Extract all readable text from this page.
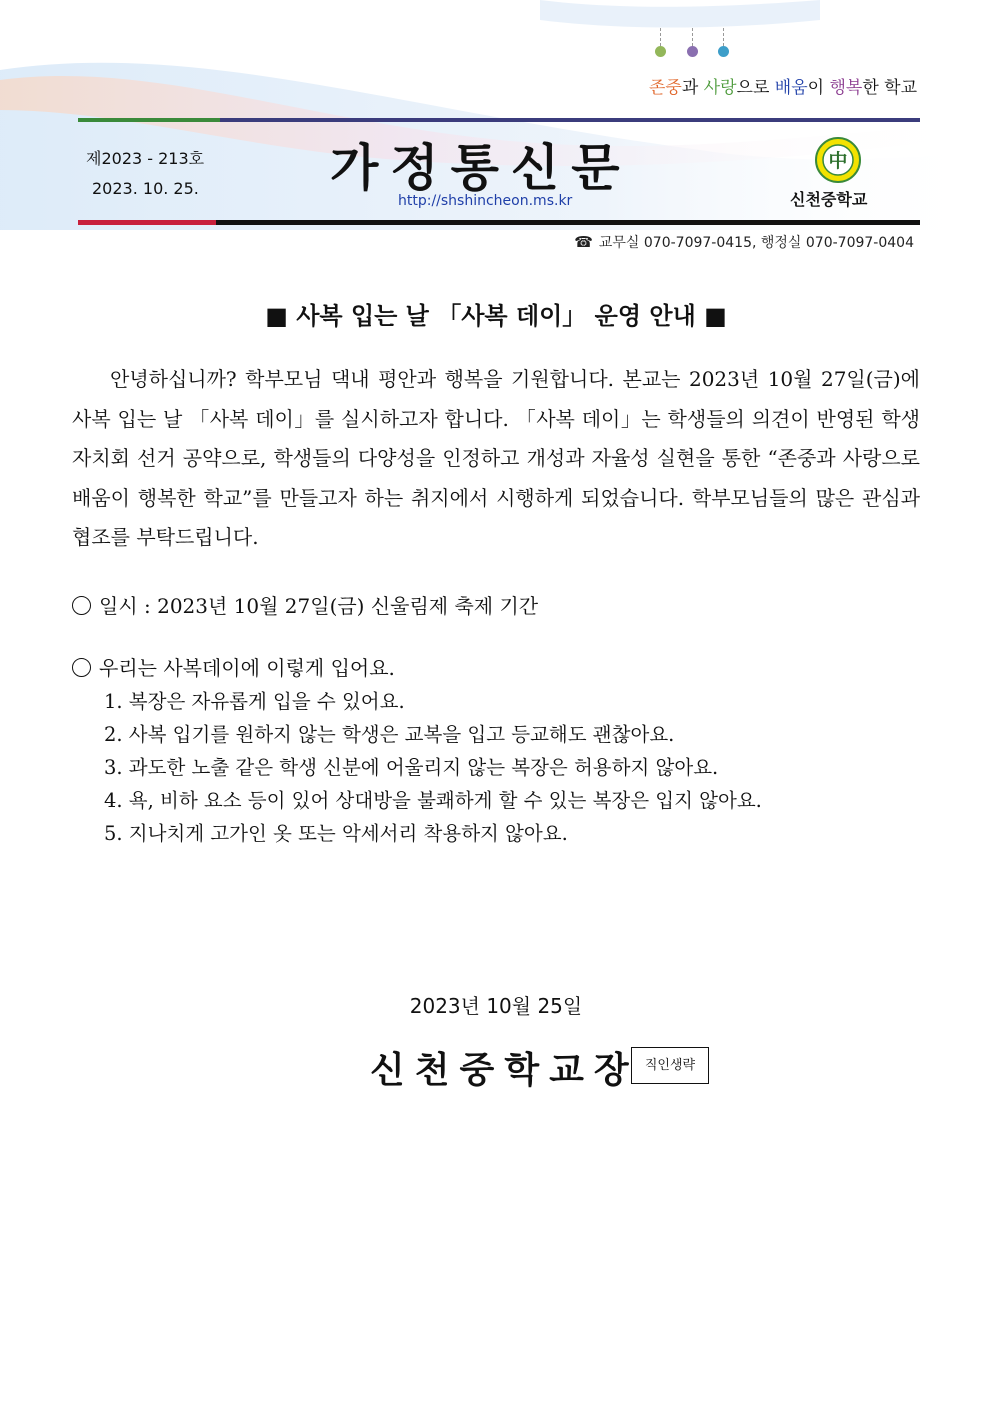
존중과 사랑으로 배움이 행복한 학교
제2023 - 213호
2023. 10. 25.	가정통신문
http://shshincheon.ms.kr
中
신천중학교
☎ 교무실 070-7097-0415, 행정실 070-7097-0404
■ 사복 입는 날 「사복 데이」 운영 안내 ■
안녕하십니까? 학부모님 댁내 평안과 행복을 기원합니다. 본교는 2023년 10월 27일(금)에 사복 입는 날 「사복 데이」를 실시하고자 합니다. 「사복 데이」는 학생들의 의견이 반영된 학생자치회 선거 공약으로, 학생들의 다양성을 인정하고 개성과 자율성 실현을 통한 “존중과 사랑으로 배움이 행복한 학교”를 만들고자 하는 취지에서 시행하게 되었습니다. 학부모님들의 많은 관심과 협조를 부탁드립니다.
일시 : 2023년 10월 27일(금) 신울림제 축제 기간
우리는 사복데이에 이렇게 입어요.
1. 복장은 자유롭게 입을 수 있어요.
2. 사복 입기를 원하지 않는 학생은 교복을 입고 등교해도 괜찮아요.
3. 과도한 노출 같은 학생 신분에 어울리지 않는 복장은 허용하지 않아요.
4. 욕, 비하 요소 등이 있어 상대방을 불쾌하게 할 수 있는 복장은 입지 않아요.
5. 지나치게 고가인 옷 또는 악세서리 착용하지 않아요.
2023년 10월 25일
신천중학교장 직인생략
